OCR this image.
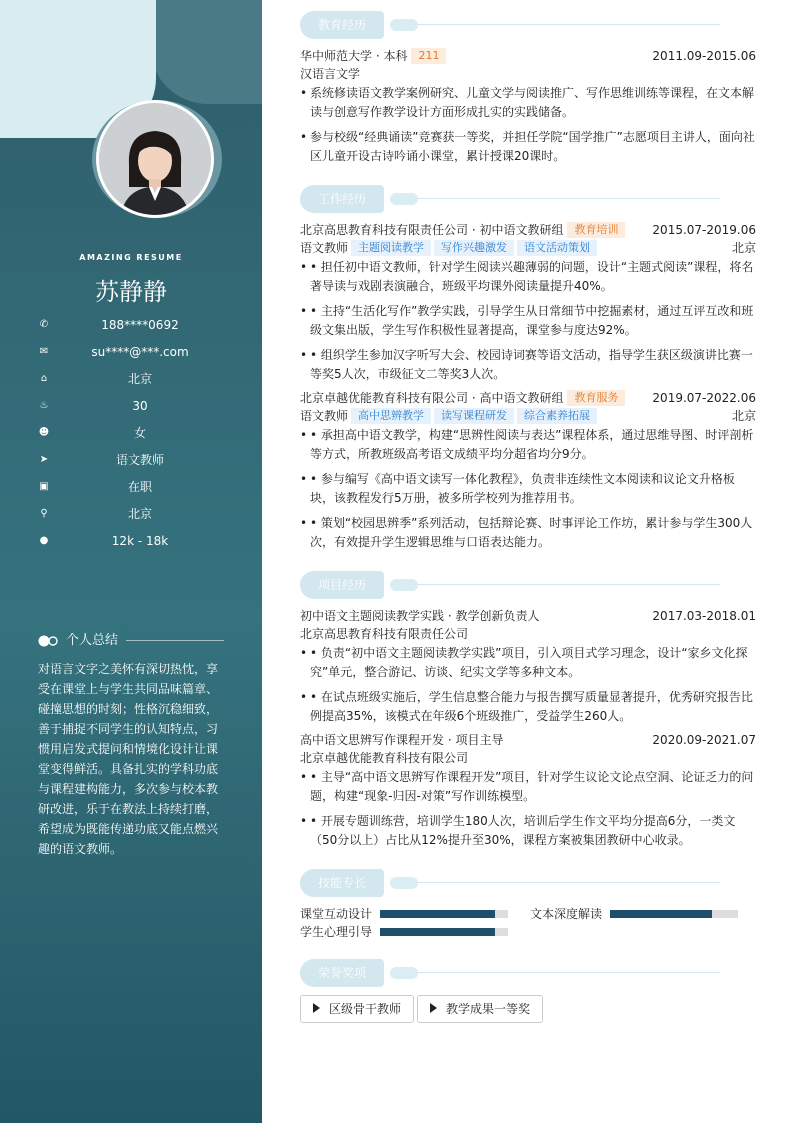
AMAZING RESUME
苏静静
✆	188****0692
✉	su****@***.com
⌂	北京
♨	30
☻	女
➤	语文教师
▣	在职
⚲	北京
●	12k - 18k
个人总结
对语言文字之美怀有深切热忱，享受在课堂上与学生共同品味篇章、碰撞思想的时刻；性格沉稳细致，善于捕捉不同学生的认知特点，习惯用启发式提问和情境化设计让课堂变得鲜活。具备扎实的学科功底与课程建构能力，多次参与校本教研改进，乐于在教法上持续打磨，希望成为既能传递功底又能点燃兴趣的语文教师。
教育经历
华中师范大学 · 本科 211	2011.09-2015.06
汉语言文学
• 系统修读语文教学案例研究、儿童文学与阅读推广、写作思维训练等课程，在文本解读与创意写作教学设计方面形成扎实的实践储备。
• 参与校级“经典诵读”竞赛获一等奖，并担任学院“国学推广”志愿项目主讲人，面向社区儿童开设古诗吟诵小课堂，累计授课20课时。
工作经历
北京高思教育科技有限责任公司 · 初中语文教研组 教育培训	2015.07-2019.06
语文教师 主题阅读教学 写作兴趣激发 语文活动策划	北京
• • 担任初中语文教师，针对学生阅读兴趣薄弱的问题，设计“主题式阅读”课程，将名著导读与戏剧表演融合，班级平均课外阅读量提升40%。
• • 主持“生活化写作”教学实践，引导学生从日常细节中挖掘素材，通过互评互改和班级文集出版，学生写作积极性显著提高，课堂参与度达92%。
• • 组织学生参加汉字听写大会、校园诗词赛等语文活动，指导学生获区级演讲比赛一等奖5人次，市级征文二等奖3人次。
北京卓越优能教育科技有限公司 · 高中语文教研组 教育服务	2019.07-2022.06
语文教师 高中思辨教学 读写课程研发 综合素养拓展	北京
• • 承担高中语文教学，构建“思辨性阅读与表达”课程体系，通过思维导图、时评剖析等方式，所教班级高考语文成绩平均分超省均分9分。
• • 参与编写《高中语文读写一体化教程》，负责非连续性文本阅读和议论文升格板块，该教程发行5万册，被多所学校列为推荐用书。
• • 策划“校园思辨季”系列活动，包括辩论赛、时事评论工作坊，累计参与学生300人次，有效提升学生逻辑思维与口语表达能力。
项目经历
初中语文主题阅读教学实践 · 教学创新负责人	2017.03-2018.01
北京高思教育科技有限责任公司
• • 负责“初中语文主题阅读教学实践”项目，引入项目式学习理念，设计“家乡文化探究”单元，整合游记、访谈、纪实文学等多种文本。
• • 在试点班级实施后，学生信息整合能力与报告撰写质量显著提升，优秀研究报告比例提高35%，该模式在年级6个班级推广，受益学生260人。
高中语文思辨写作课程开发 · 项目主导	2020.09-2021.07
北京卓越优能教育科技有限公司
• • 主导“高中语文思辨写作课程开发”项目，针对学生议论文论点空洞、论证乏力的问题，构建“现象-归因-对策”写作训练模型。
• • 开展专题训练营，培训学生180人次，培训后学生作文平均分提高6分，一类文（50分以上）占比从12%提升至30%，课程方案被集团教研中心收录。
技能专长
课堂互动设计	文本深度解读
学生心理引导
荣誉奖项
区级骨干教师	教学成果一等奖
